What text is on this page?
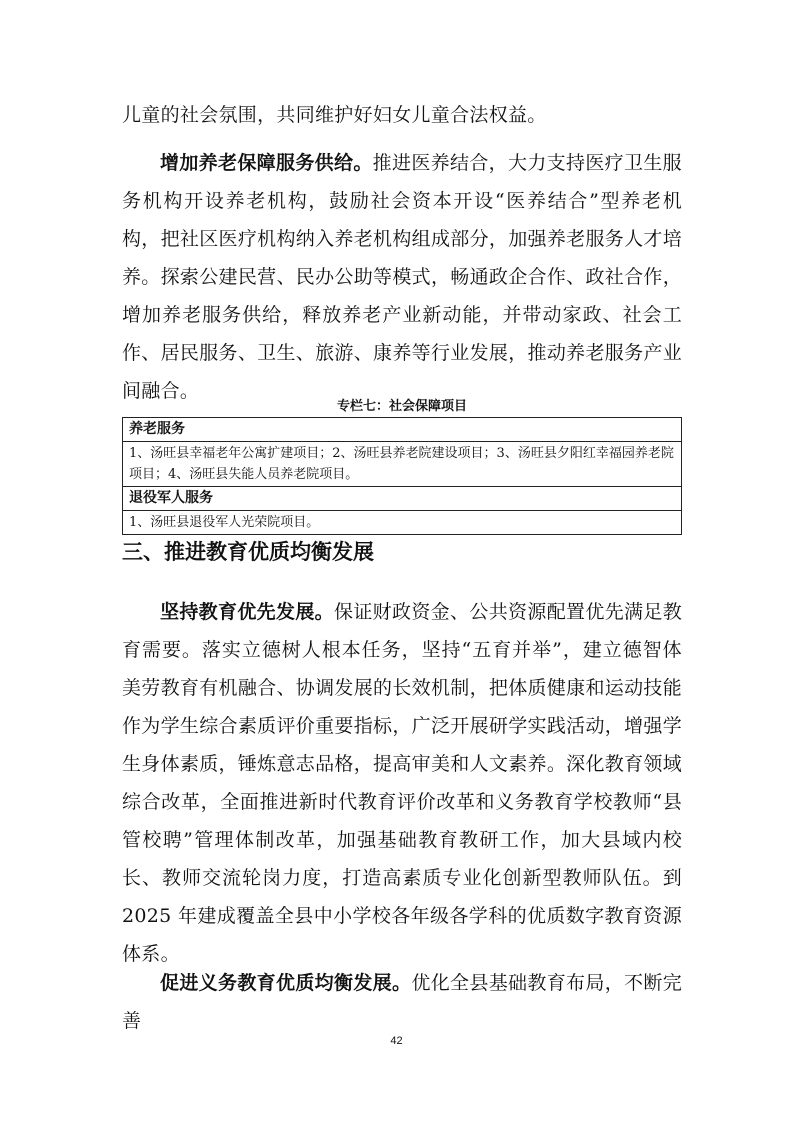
儿童的社会氛围，共同维护好妇女儿童合法权益。

增加养老保障服务供给。推进医养结合，大力支持医疗卫生服务机构开设养老机构，鼓励社会资本开设“医养结合”型养老机构，把社区医疗机构纳入养老机构组成部分，加强养老服务人才培养。探索公建民营、民办公助等模式，畅通政企合作、政社合作，增加养老服务供给，释放养老产业新动能，并带动家政、社会工作、居民服务、卫生、旅游、康养等行业发展，推动养老服务产业间融合。

专栏七：社会保障项目

养老服务
1、汤旺县幸福老年公寓扩建项目；2、汤旺县养老院建设项目；3、汤旺县夕阳红幸福园养老院项目；4、汤旺县失能人员养老院项目。
退役军人服务
1、汤旺县退役军人光荣院项目。
三、推进教育优质均衡发展

坚持教育优先发展。保证财政资金、公共资源配置优先满足教育需要。落实立德树人根本任务，坚持“五育并举”，建立德智体美劳教育有机融合、协调发展的长效机制，把体质健康和运动技能作为学生综合素质评价重要指标，广泛开展研学实践活动，增强学生身体素质，锤炼意志品格，提高审美和人文素养。深化教育领域综合改革，全面推进新时代教育评价改革和义务教育学校教师“县管校聘”管理体制改革，加强基础教育教研工作，加大县域内校长、教师交流轮岗力度，打造高素质专业化创新型教师队伍。到 2025 年建成覆盖全县中小学校各年级各学科的优质数字教育资源体系。

促进义务教育优质均衡发展。优化全县基础教育布局，不断完善

42
